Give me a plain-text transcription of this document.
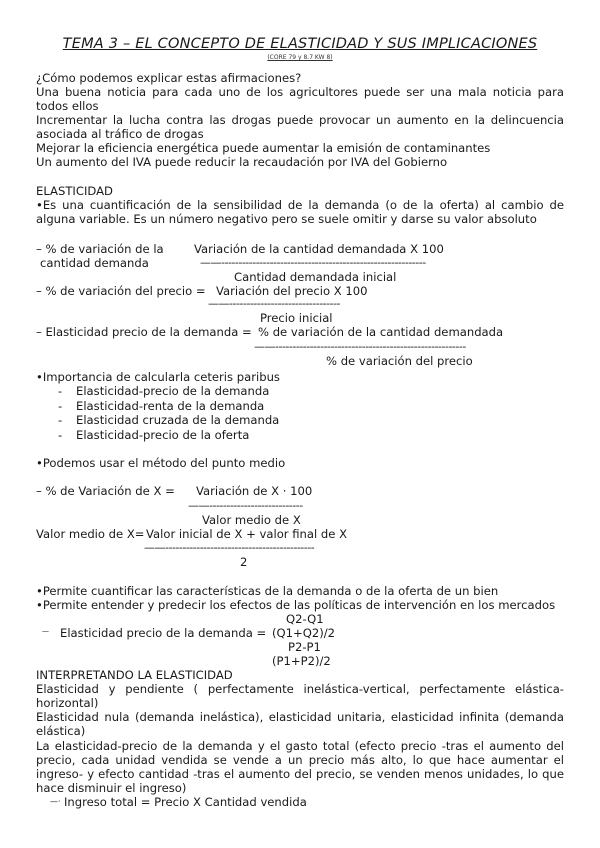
TEMA 3 – EL CONCEPTO DE ELASTICIDAD Y SUS IMPLICACIONES
(CORE 79 y 8.7 KW 8)
¿Cómo podemos explicar estas afirmaciones?
Una buena noticia para cada uno de los agricultores puede ser una mala noticia para todos ellos
Incrementar la lucha contra las drogas puede provocar un aumento en la delincuencia asociada al tráfico de drogas
Mejorar la eficiencia energética puede aumentar la emisión de contaminantes
Un aumento del IVA puede reducir la recaudación por IVA del Gobierno
ELASTICIDAD
•Es una cuantificación de la sensibilidad de la demanda (o de la oferta) al cambio de alguna variable. Es un número negativo pero se suele omitir y darse su valor absoluto
– % de variación de la
cantidad demanda
Variación de la cantidad demandada X 100
——-----------------------------------------------------------
Cantidad demandada inicial
– % de variación del precio = Variación del precio X 100
——--------------------------------
Precio inicial
– Elasticidad precio de la demanda = % de variación de la cantidad demandada
——-------------------------------------------------------
% de variación del precio
•Importancia de calcularla ceteris paribus
- Elasticidad-precio de la demanda
- Elasticidad-renta de la demanda
- Elasticidad cruzada de la demanda
- Elasticidad-precio de la oferta
•Podemos usar el método del punto medio
– % de Variación de X = Variación de X · 100
——---------------------------
Valor medio de X
Valor medio de X= Valor inicial de X + valor final de X
——-------------------------------------------
2
•Permite cuantificar las características de la demanda o de la oferta de un bien
•Permite entender y predecir los efectos de las políticas de intervención en los mercados
Q2-Q1
— Elasticidad precio de la demanda = (Q1+Q2)/2
P2-P1
(P1+P2)/2
INTERPRETANDO LA ELASTICIDAD
Elasticidad y pendiente ( perfectamente inelástica-vertical, perfectamente elástica-horizontal)
Elasticidad nula (demanda inelástica), elasticidad unitaria, elasticidad infinita (demanda elástica)
La elasticidad-precio de la demanda y el gasto total (efecto precio -tras el aumento del precio, cada unidad vendida se vende a un precio más alto, lo que hace aumentar el ingreso- y efecto cantidad -tras el aumento del precio, se venden menos unidades, lo que hace disminuir el ingreso)
—· Ingreso total = Precio X Cantidad vendida
